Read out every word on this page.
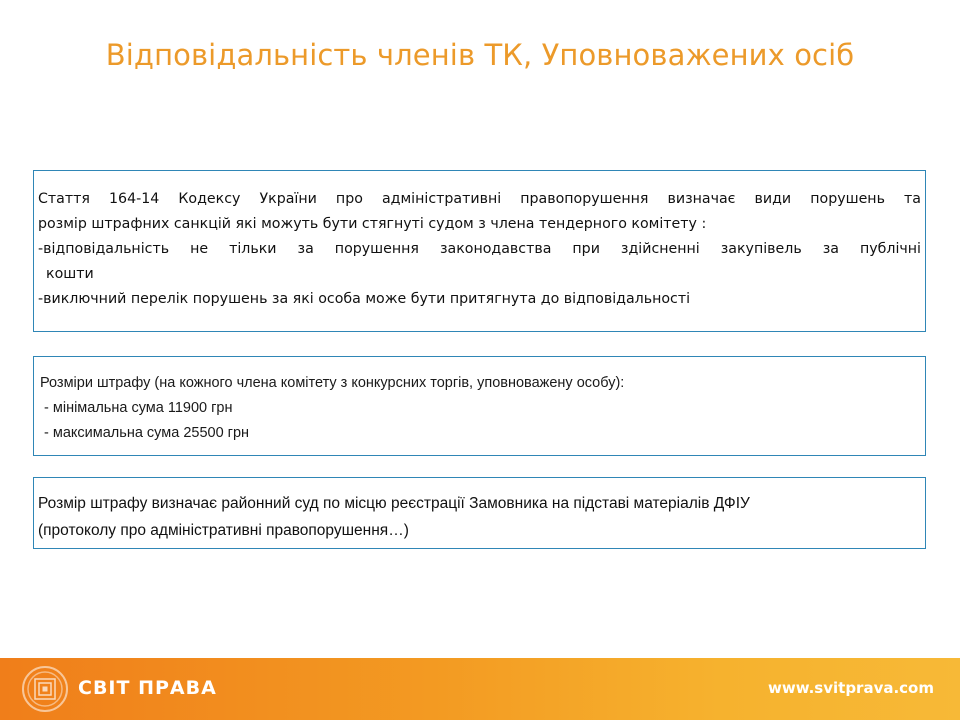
Відповідальність членів ТК, Уповноважених осіб
Стаття 164-14 Кодексу України про адміністративні правопорушення визначає види порушень та
розмір штрафних санкцій які можуть бути стягнуті судом з члена тендерного комітету :
-відповідальність не тільки за порушення законодавства при здійсненні закупівель за публічні
кошти
-виключний перелік порушень за які особа може бути притягнута до відповідальності
Розміри штрафу (на кожного члена комітету з конкурсних торгів, уповноважену особу):
- мінімальна сума 11900 грн
- максимальна сума 25500 грн
Розмір штрафу визначає районний суд по місцю реєстрації Замовника на підставі матеріалів ДФІУ
(протоколу про адміністративні правопорушення…)
СВІТ ПРАВА	www.svitprava.com
